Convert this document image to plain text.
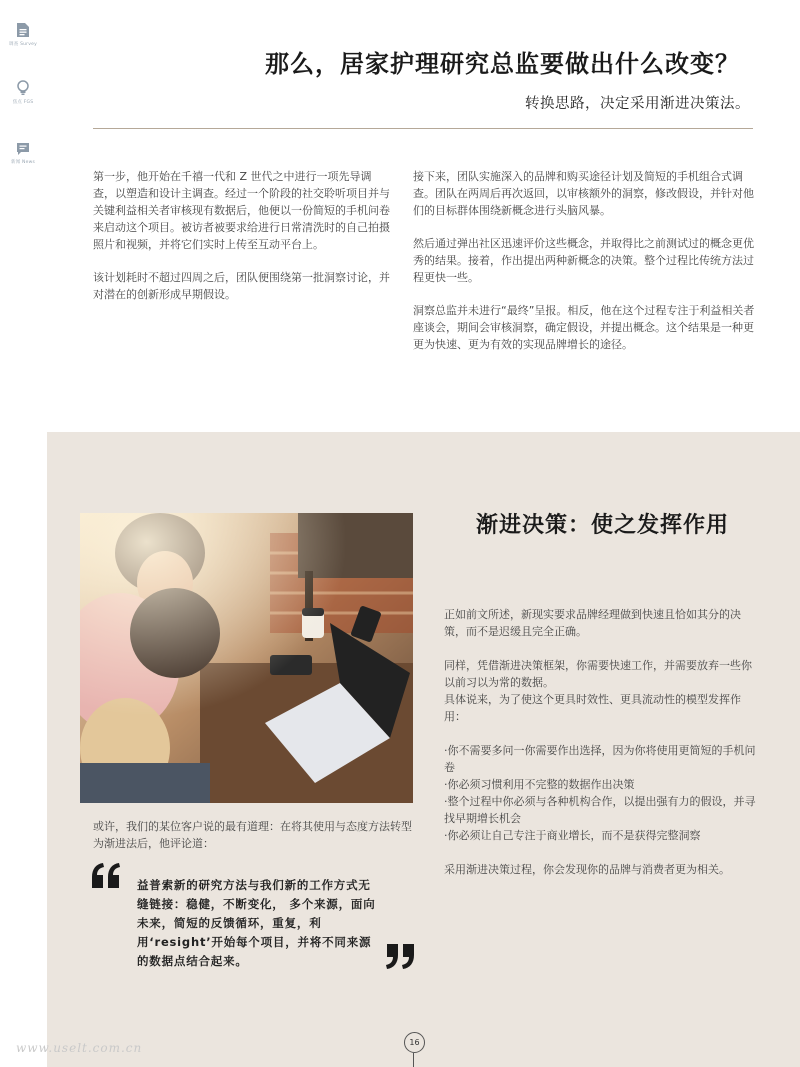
调查 Survey
焦点 FGS
新闻 News
那么，居家护理研究总监要做出什么改变？

转换思路，决定采用渐进决策法。

第一步，他开始在千禧一代和 Z 世代之中进行一项先导调查，以塑造和设计主调查。经过一个阶段的社交聆听项目并与关键利益相关者审核现有数据后，他便以一份简短的手机问卷来启动这个项目。被访者被要求给进行日常清洗时的自己拍摄照片和视频，并将它们实时上传至互动平台上。

该计划耗时不超过四周之后，团队便围绕第一批洞察讨论，并对潜在的创新形成早期假设。

接下来，团队实施深入的品牌和购买途径计划及简短的手机组合式调查。团队在两周后再次返回，以审核额外的洞察，修改假设，并针对他们的目标群体围绕新概念进行头脑风暴。

然后通过弹出社区迅速评价这些概念，并取得比之前测试过的概念更优秀的结果。接着，作出提出两种新概念的决策。整个过程比传统方法过程更快一些。

洞察总监并未进行“最终”呈报。相反，他在这个过程专注于利益相关者座谈会，期间会审核洞察，确定假设，并提出概念。这个结果是一种更更为快速、更为有效的实现品牌增长的途径。

渐进决策：使之发挥作用

正如前文所述，新现实要求品牌经理做到快速且恰如其分的决策，而不是迟缓且完全正确。

同样，凭借渐进决策框架，你需要快速工作，并需要放弃一些你以前习以为常的数据。

具体说来，为了使这个更具时效性、更具流动性的模型发挥作用：

·你不需要多问一你需要作出选择，因为你将使用更简短的手机问卷
·你必须习惯利用不完整的数据作出决策
·整个过程中你必须与各种机构合作，以提出强有力的假设，并寻找早期增长机会
·你必须让自己专注于商业增长，而不是获得完整洞察

采用渐进决策过程，你会发现你的品牌与消费者更为相关。

或许，我们的某位客户说的最有道理：在将其使用与态度方法转型为渐进法后，他评论道：

益普索新的研究方法与我们新的工作方式无缝链接：稳健，不断变化， 多个来源，面向未来，简短的反馈循环，重复，利用‘resight’开始每个项目，并将不同来源的数据点结合起来。

16
www.uselt.com.cn
